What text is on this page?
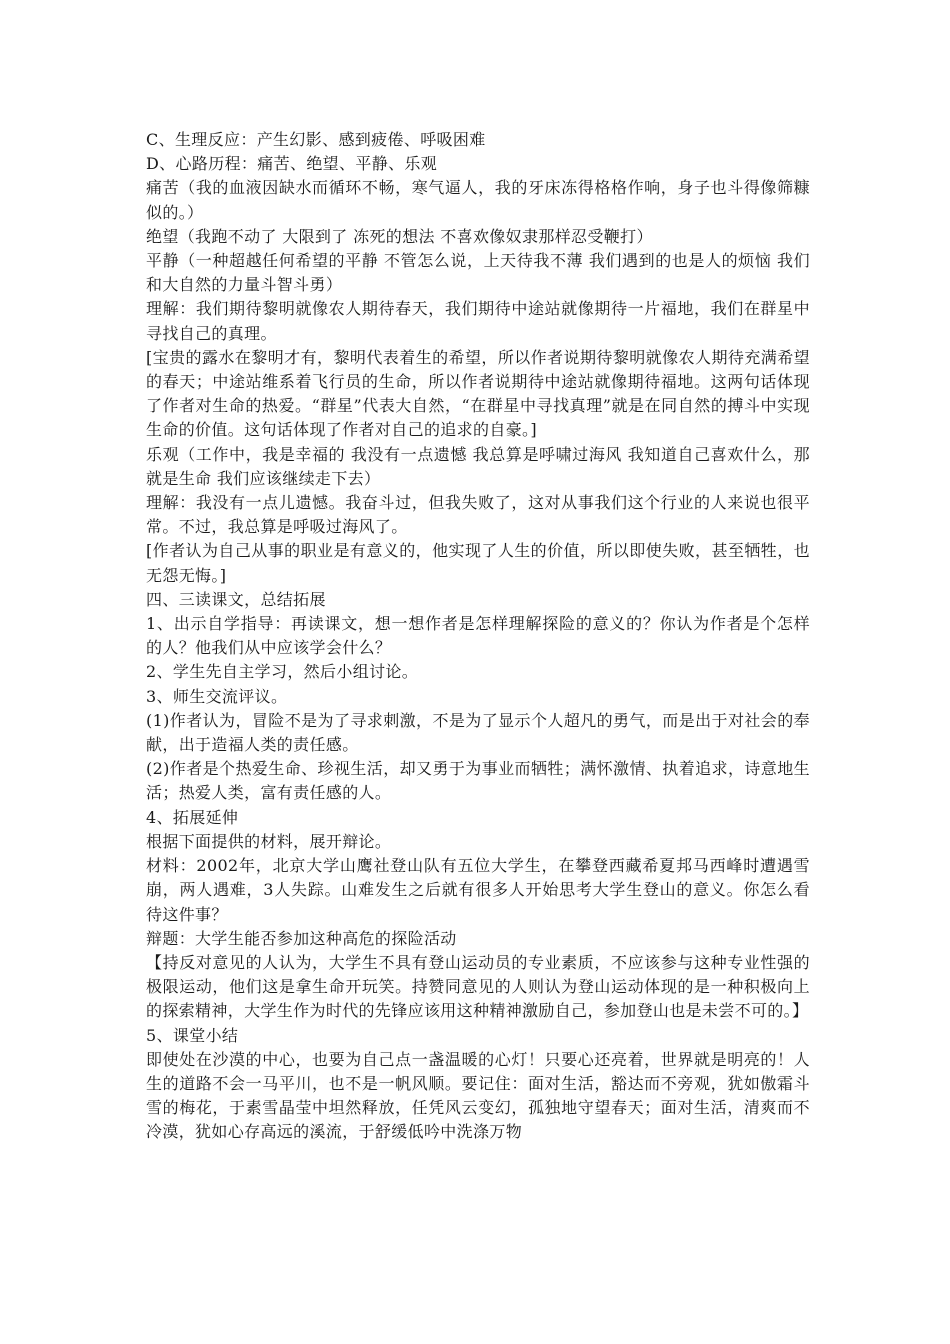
C、生理反应：产生幻影、感到疲倦、呼吸困难

D、心路历程：痛苦、绝望、平静、乐观

痛苦（我的血液因缺水而循环不畅，寒气逼人，我的牙床冻得格格作响，身子也斗得像筛糠似的。）

绝望（我跑不动了 大限到了 冻死的想法 不喜欢像奴隶那样忍受鞭打）

平静（一种超越任何希望的平静 不管怎么说，上天待我不薄 我们遇到的也是人的烦恼 我们和大自然的力量斗智斗勇）

理解：我们期待黎明就像农人期待春天，我们期待中途站就像期待一片福地，我们在群星中寻找自己的真理。

[宝贵的露水在黎明才有，黎明代表着生的希望，所以作者说期待黎明就像农人期待充满希望的春天；中途站维系着飞行员的生命，所以作者说期待中途站就像期待福地。这两句话体现了作者对生命的热爱。“群星”代表大自然，“在群星中寻找真理”就是在同自然的搏斗中实现生命的价值。这句话体现了作者对自己的追求的自豪。]

乐观（工作中，我是幸福的 我没有一点遗憾 我总算是呼啸过海风 我知道自己喜欢什么，那就是生命 我们应该继续走下去）

理解：我没有一点儿遗憾。我奋斗过，但我失败了，这对从事我们这个行业的人来说也很平常。不过，我总算是呼吸过海风了。

[作者认为自己从事的职业是有意义的，他实现了人生的价值，所以即使失败，甚至牺牲，也无怨无悔。]

四、三读课文，总结拓展

1、出示自学指导：再读课文，想一想作者是怎样理解探险的意义的？你认为作者是个怎样的人？他我们从中应该学会什么？

2、学生先自主学习，然后小组讨论。

3、师生交流评议。

(1)作者认为，冒险不是为了寻求刺激，不是为了显示个人超凡的勇气，而是出于对社会的奉献，出于造福人类的责任感。

(2)作者是个热爱生命、珍视生活，却又勇于为事业而牺牲；满怀激情、执着追求，诗意地生活；热爱人类，富有责任感的人。

4、拓展延伸

根据下面提供的材料，展开辩论。

材料：2002年，北京大学山鹰社登山队有五位大学生，在攀登西藏希夏邦马西峰时遭遇雪崩，两人遇难，3人失踪。山难发生之后就有很多人开始思考大学生登山的意义。你怎么看待这件事？

辩题：大学生能否参加这种高危的探险活动

【持反对意见的人认为，大学生不具有登山运动员的专业素质，不应该参与这种专业性强的极限运动，他们这是拿生命开玩笑。持赞同意见的人则认为登山运动体现的是一种积极向上的探索精神，大学生作为时代的先锋应该用这种精神激励自己，参加登山也是未尝不可的。】

5、课堂小结

即使处在沙漠的中心，也要为自己点一盏温暖的心灯！只要心还亮着，世界就是明亮的！人生的道路不会一马平川，也不是一帆风顺。要记住：面对生活，豁达而不旁观，犹如傲霜斗雪的梅花，于素雪晶莹中坦然释放，任凭风云变幻，孤独地守望春天；面对生活，清爽而不冷漠，犹如心存高远的溪流，于舒缓低吟中洗涤万物
